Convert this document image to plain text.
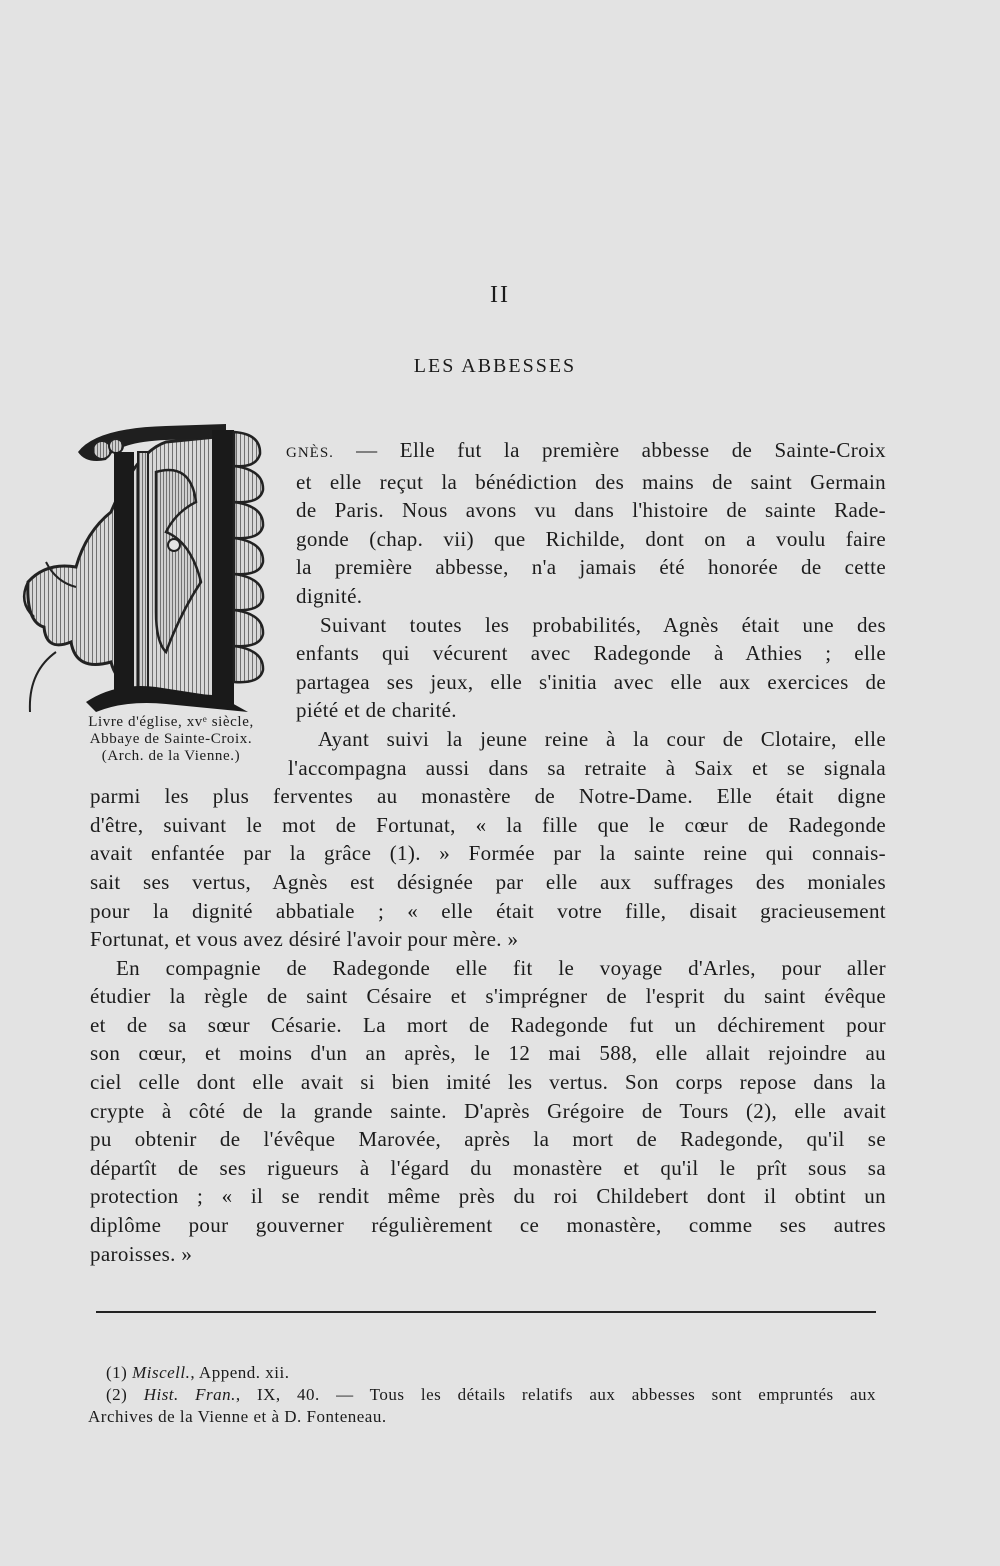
II
LES ABBESSES
Livre d'église, xvᵉ siècle,
Abbaye de Sainte-Croix.
(Arch. de la Vienne.)
GNÈS. — Elle fut la première abbesse de Sainte-Croix
et elle reçut la bénédiction des mains de saint Germain
de Paris. Nous avons vu dans l'histoire de sainte Rade-
gonde (chap. vii) que Richilde, dont on a voulu faire
la première abbesse, n'a jamais été honorée de cette
dignité.
Suivant toutes les probabilités, Agnès était une des
enfants qui vécurent avec Radegonde à Athies ; elle
partagea ses jeux, elle s'initia avec elle aux exercices de
piété et de charité.
Ayant suivi la jeune reine à la cour de Clotaire, elle
l'accompagna aussi dans sa retraite à Saix et se signala
parmi les plus ferventes au monastère de Notre-Dame. Elle était digne
d'être, suivant le mot de Fortunat, « la fille que le cœur de Radegonde
avait enfantée par la grâce (1). » Formée par la sainte reine qui connais-
sait ses vertus, Agnès est désignée par elle aux suffrages des moniales
pour la dignité abbatiale ; « elle était votre fille, disait gracieusement
Fortunat, et vous avez désiré l'avoir pour mère. »
En compagnie de Radegonde elle fit le voyage d'Arles, pour aller
étudier la règle de saint Césaire et s'imprégner de l'esprit du saint évêque
et de sa sœur Césarie. La mort de Radegonde fut un déchirement pour
son cœur, et moins d'un an après, le 12 mai 588, elle allait rejoindre au
ciel celle dont elle avait si bien imité les vertus. Son corps repose dans la
crypte à côté de la grande sainte. D'après Grégoire de Tours (2), elle avait
pu obtenir de l'évêque Marovée, après la mort de Radegonde, qu'il se
départît de ses rigueurs à l'égard du monastère et qu'il le prît sous sa
protection ; « il se rendit même près du roi Childebert dont il obtint un
diplôme pour gouverner régulièrement ce monastère, comme ses autres
paroisses. »
(1) Miscell., Append. xii.
(2) Hist. Fran., IX, 40. — Tous les détails relatifs aux abbesses sont empruntés aux
Archives de la Vienne et à D. Fonteneau.
